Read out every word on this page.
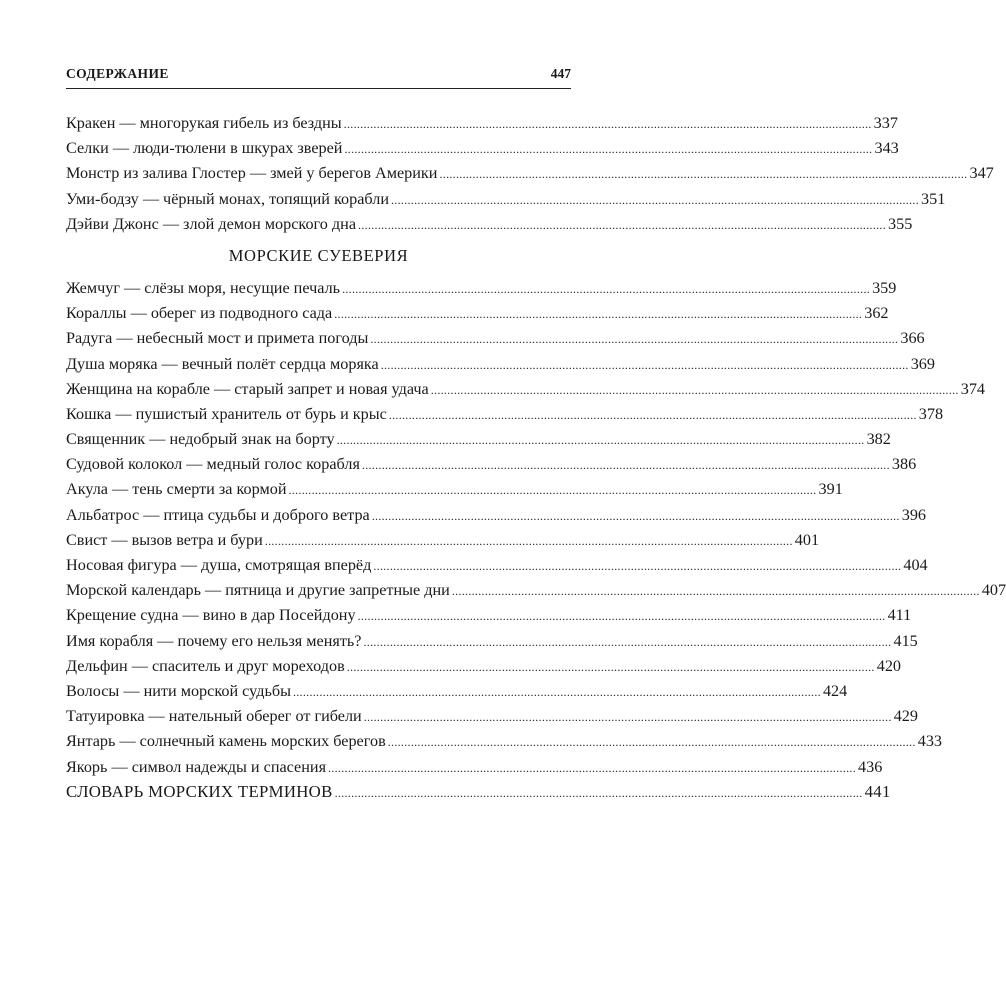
СОДЕРЖАНИЕ	447
Кракен — многорукая гибель из бездны ................................................................................................................................................................ 337
Селки — люди-тюлени в шкурах зверей ................................................................................................................................................................ 343
Монстр из залива Глостер — змей у берегов Америки ................................................................................................................................................................ 347
Уми-бодзу — чёрный монах, топящий корабли ................................................................................................................................................................ 351
Дэйви Джонс — злой демон морского дна ................................................................................................................................................................ 355
МОРСКИЕ СУЕВЕРИЯ
Жемчуг — слёзы моря, несущие печаль ................................................................................................................................................................ 359
Кораллы — оберег из подводного сада ................................................................................................................................................................ 362
Радуга — небесный мост и примета погоды ................................................................................................................................................................ 366
Душа моряка — вечный полёт сердца моряка ................................................................................................................................................................ 369
Женщина на корабле — старый запрет и новая удача ................................................................................................................................................................ 374
Кошка — пушистый хранитель от бурь и крыс ................................................................................................................................................................ 378
Священник — недобрый знак на борту ................................................................................................................................................................ 382
Судовой колокол — медный голос корабля ................................................................................................................................................................ 386
Акула — тень смерти за кормой ................................................................................................................................................................ 391
Альбатрос — птица судьбы и доброго ветра ................................................................................................................................................................ 396
Свист — вызов ветра и бури ................................................................................................................................................................ 401
Носовая фигура — душа, смотрящая вперёд ................................................................................................................................................................ 404
Морской календарь — пятница и другие запретные дни ................................................................................................................................................................ 407
Крещение судна — вино в дар Посейдону ................................................................................................................................................................ 411
Имя корабля — почему его нельзя менять? ................................................................................................................................................................ 415
Дельфин — спаситель и друг мореходов ................................................................................................................................................................ 420
Волосы — нити морской судьбы ................................................................................................................................................................ 424
Татуировка — нательный оберег от гибели ................................................................................................................................................................ 429
Янтарь — солнечный камень морских берегов ................................................................................................................................................................ 433
Якорь — символ надежды и спасения ................................................................................................................................................................ 436
СЛОВАРЬ МОРСКИХ ТЕРМИНОВ ................................................................................................................................................................ 441
